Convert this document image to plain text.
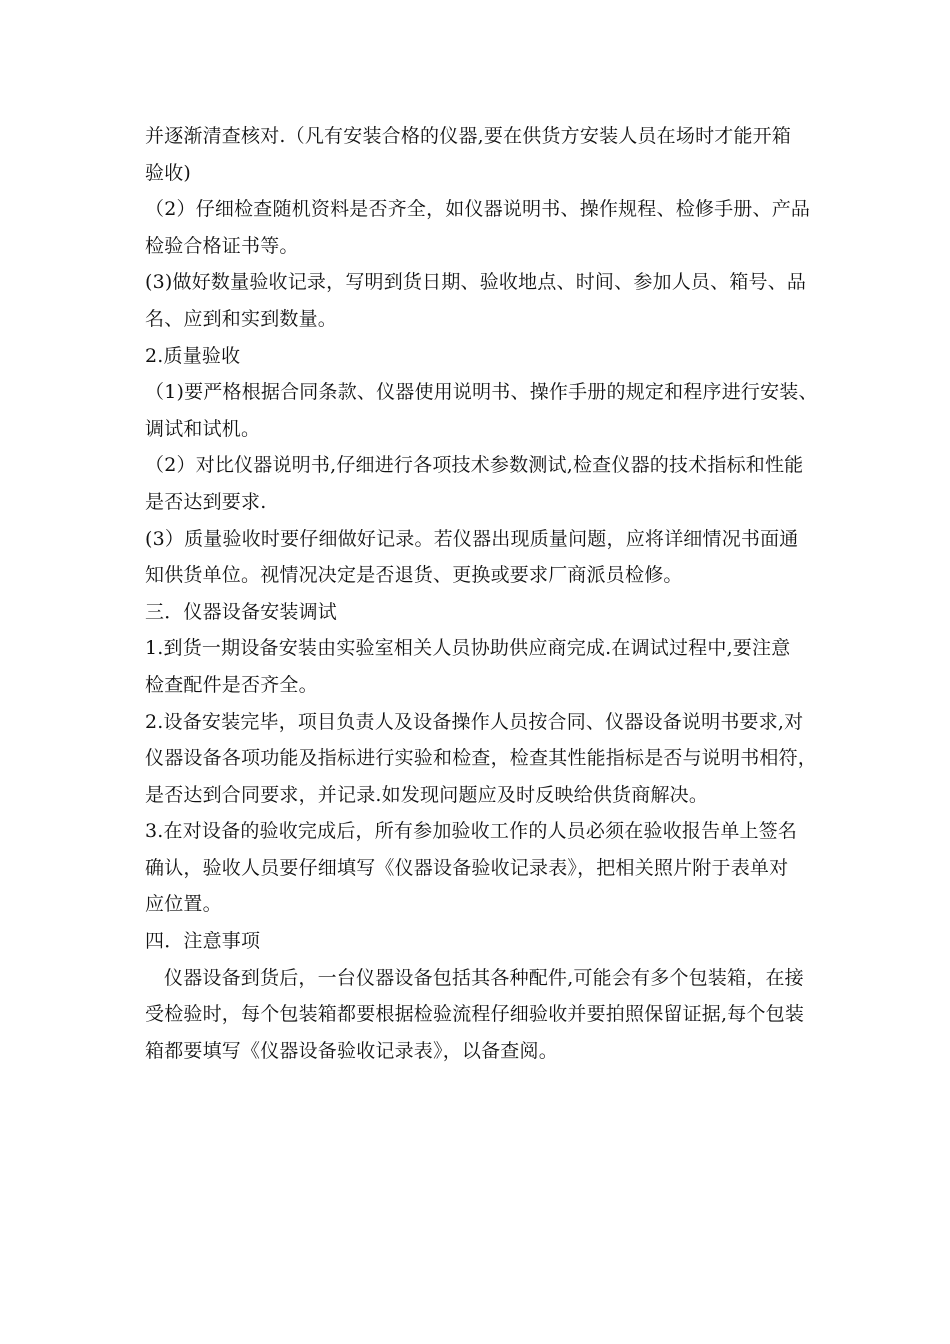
并逐渐清查核对.（凡有安装合格的仪器,要在供货方安装人员在场时才能开箱
验收)
（2）仔细检查随机资料是否齐全，如仪器说明书、操作规程、检修手册、产品
检验合格证书等。
(3)做好数量验收记录，写明到货日期、验收地点、时间、参加人员、箱号、品
名、应到和实到数量。
2.质量验收
（1)要严格根据合同条款、仪器使用说明书、操作手册的规定和程序进行安装、
调试和试机。
（2）对比仪器说明书,仔细进行各项技术参数测试,检查仪器的技术指标和性能
是否达到要求.
(3）质量验收时要仔细做好记录。若仪器出现质量问题，应将详细情况书面通
知供货单位。视情况决定是否退货、更换或要求厂商派员检修。
三．仪器设备安装调试
1.到货一期设备安装由实验室相关人员协助供应商完成.在调试过程中,要注意
检查配件是否齐全。
2.设备安装完毕，项目负责人及设备操作人员按合同、仪器设备说明书要求,对
仪器设备各项功能及指标进行实验和检查，检查其性能指标是否与说明书相符，
是否达到合同要求，并记录.如发现问题应及时反映给供货商解决。
3.在对设备的验收完成后，所有参加验收工作的人员必须在验收报告单上签名
确认，验收人员要仔细填写《仪器设备验收记录表》，把相关照片附于表单对
应位置。
四．注意事项
仪器设备到货后，一台仪器设备包括其各种配件,可能会有多个包装箱，在接
受检验时，每个包装箱都要根据检验流程仔细验收并要拍照保留证据,每个包装
箱都要填写《仪器设备验收记录表》，以备查阅。
